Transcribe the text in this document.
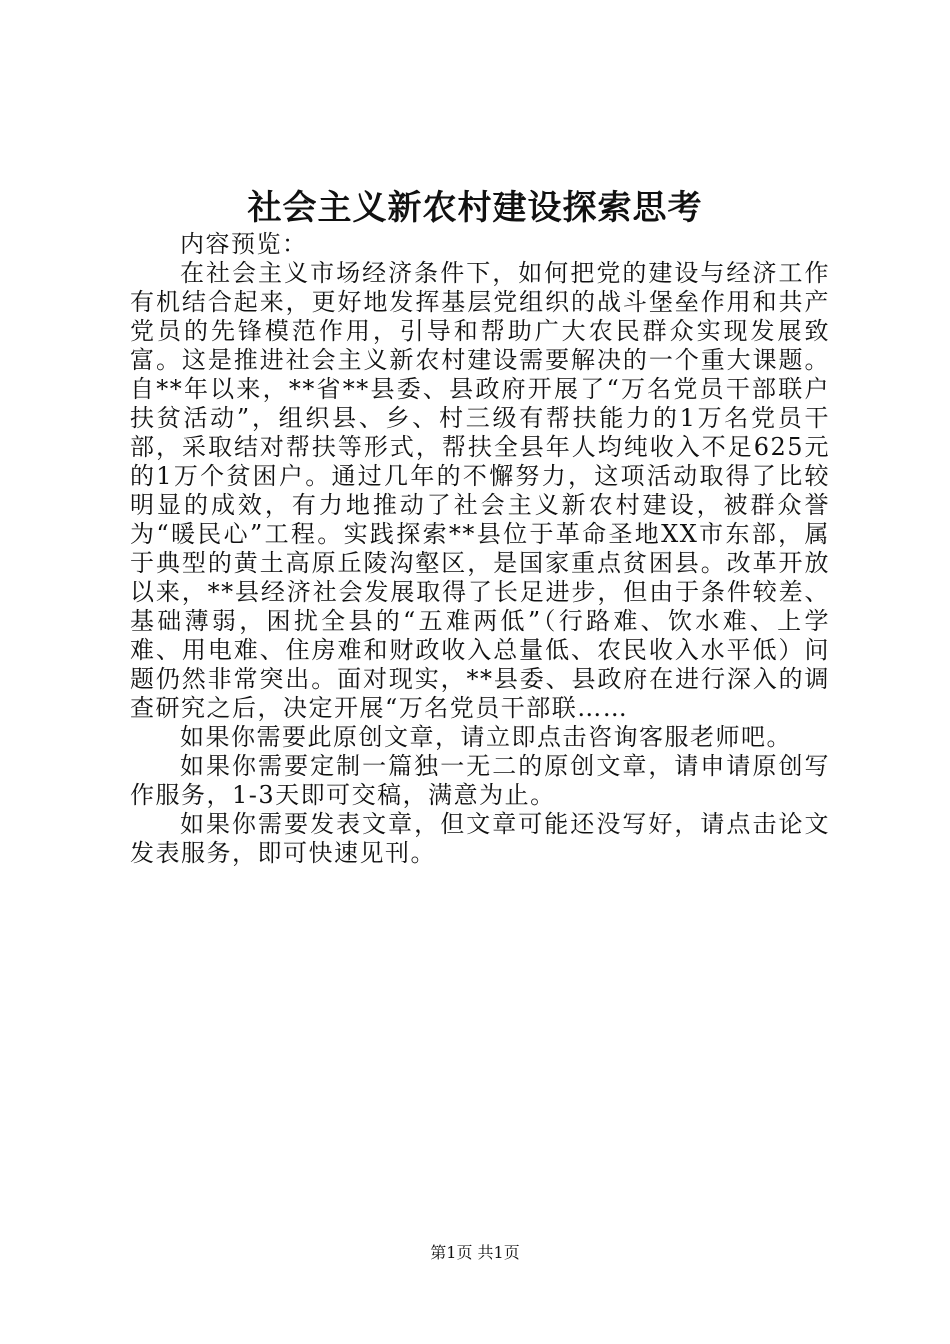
社会主义新农村建设探索思考

内容预览：

在社会主义市场经济条件下，如何把党的建设与经济工作有机结合起来，更好地发挥基层党组织的战斗堡垒作用和共产党员的先锋模范作用，引导和帮助广大农民群众实现发展致富。这是推进社会主义新农村建设需要解决的一个重大课题。自**年以来，**省**县委、县政府开展了“万名党员干部联户扶贫活动”，组织县、乡、村三级有帮扶能力的1万名党员干部，采取结对帮扶等形式，帮扶全县年人均纯收入不足625元的1万个贫困户。通过几年的不懈努力，这项活动取得了比较明显的成效，有力地推动了社会主义新农村建设，被群众誉为“暖民心”工程。实践探索**县位于革命圣地XX市东部，属于典型的黄土高原丘陵沟壑区，是国家重点贫困县。改革开放以来，**县经济社会发展取得了长足进步，但由于条件较差、基础薄弱，困扰全县的“五难两低”（行路难、饮水难、上学难、用电难、住房难和财政收入总量低、农民收入水平低）问题仍然非常突出。面对现实，**县委、县政府在进行深入的调查研究之后，决定开展“万名党员干部联……

如果你需要此原创文章，请立即点击咨询客服老师吧。

如果你需要定制一篇独一无二的原创文章，请申请原创写作服务，1-3天即可交稿，满意为止。

如果你需要发表文章，但文章可能还没写好，请点击论文发表服务，即可快速见刊。

第1页 共1页
